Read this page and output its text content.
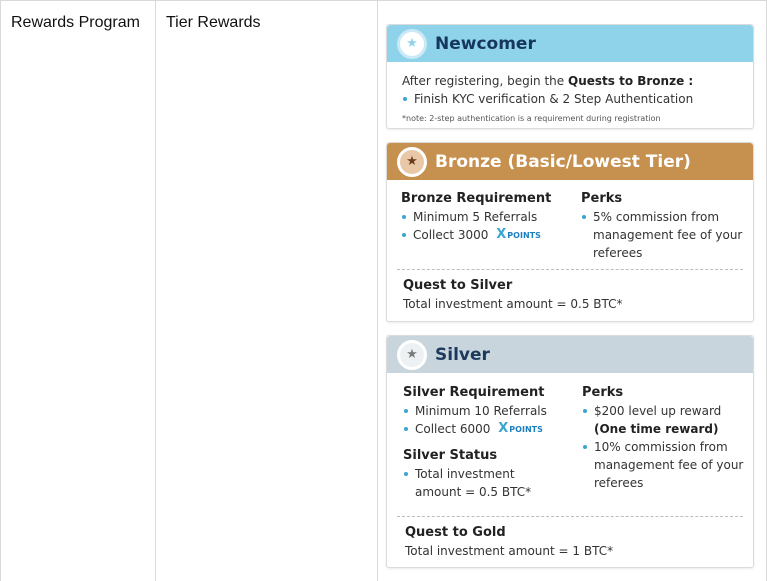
Rewards Program Tier Rewards
★	Newcomer
After registering, begin the Quests to Bronze :
Finish KYC verification & 2 Step Authentication
*note: 2-step authentication is a requirement during registration
★	Bronze (Basic/Lowest Tier)
Bronze Requirement
Minimum 5 Referrals
Collect 3000 XPOINTS
Perks
5% commission from management fee of your referees
Quest to Silver
Total investment amount = 0.5 BTC*
★	Silver
Silver Requirement
Minimum 10 Referrals
Collect 6000 XPOINTS
Silver Status
Total investment amount = 0.5 BTC*
Perks
$200 level up reward
(One time reward)
10% commission from management fee of your referees
Quest to Gold
Total investment amount = 1 BTC*
